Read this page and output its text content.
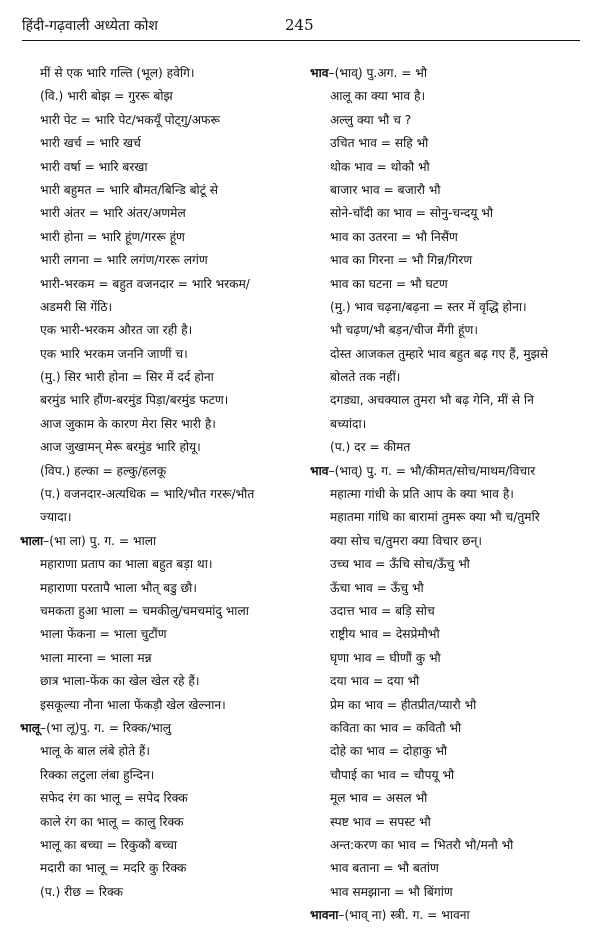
हिंदी-गढ़वाली अध्येता कोश	245
मीं से एक भारि गल्ति (भूल) हवेगि।
(वि.) भारी बोझ = गुररू बोझ
भारी पेट = भारि पेट/भकयूँ पोट्गु/अफरू
भारी खर्च = भारि खर्च
भारी वर्षा = भारि बरखा
भारी बहुमत = भारि बौमत/बिन्डि बोटूं से
भारी अंतर = भारि अंतर/अणमेल
भारी होना = भारि हूंण/गररू हूंण
भारी लगना = भारि लगंण/गररू लगंण
भारी-भरकम = बहुत वजनदार = भारि भरकम/
अडमरी सि गेंठि।
एक भारी-भरकम औरत जा रही है।
एक भारि भरकम जननि जाणीं च।
(मु.) सिर भारी होना = सिर में दर्द होना
बरमुंड भारि हौंण-बरमुंड पिड़ा/बरमुंड फटण।
आज जुकाम के कारण मेरा सिर भारी है।
आज जुखामन् मेरू बरमुंड भारि होयू।
(विप.) हल्का = हल्कु/हलकू
(प.) वजनदार-अत्यधिक = भारि/भौत गररू/भौत
ज्यादा।
भाला–(भा ला) पु. ग. = भाला
महाराणा प्रताप का भाला बहुत बड़ा था।
महाराणा परतापै भाला भौत् बडु छौ।
चमकता हुआ भाला = चमकीलु/चमचमांदु भाला
भाला फेंकना = भाला चुटौंण
भाला मारना = भाला मन्न
छात्र भाला-फेंक का खेल खेल रहे हैं।
इसकूल्या नौना भाला फेंकड़ौ खेल खेल्नान।
भालू–(भा लू)पु. ग. = रिक्क/भालु
भालू के बाल लंबे होते हैं।
रिक्का लटुला लंबा हुन्दिन।
सफेद रंग का भालू = सपेद रिक्क
काले रंग का भालू = कालु रिक्क
भालू का बच्चा = रिकुकौ बच्चा
मदारी का भालू = मदरि कु रिक्क
(प.) रीछ = रिक्क
भाव–(भाव्) पु.अग. = भौ
आलू का क्या भाव है।
अल्लु क्या भौ च ?
उचित भाव = सहि भौ
थोक भाव = थोकौ भौ
बाजार भाव = बजारौ भौ
सोने-चाँदी का भाव = सोनु-चन्दयू भौ
भाव का उतरना = भौ निसैंण
भाव का गिरना = भौ गिन्न/गिरण
भाव का घटना = भौ घटण
(मु.) भाव चढ़ना/बढ़ना = स्तर में वृद्धि होना।
भौ चढ़ण/भौ बड़न/चीज मैंगी हूंण।
दोस्त आजकल तुम्हारे भाव बहुत बढ़ गए हैं, मुझसे
बोलते तक नहीं।
दगड्या, अचक्याल तुमरा भौ बढ़ गेनि, मीं से नि
बच्यांदा।
(प.) दर = कीमत
भाव–(भाव्) पु. ग. = भौ/कीमत/सोच/माथम/विचार
महात्मा गांधी के प्रति आप के क्या भाव है।
महातमा गांधि का बारामां तुमरू क्या भौ च/तुमरि
क्या सोच च/तुमरा क्या विचार छन्।
उच्च भाव = ऊँचि सोच/ऊँचु भौ
ऊँचा भाव = ऊँचु भौ
उदात्त भाव = बड़ि सोच
राष्ट्रीय भाव = देसप्रेमौभौ
घृणा भाव = घीणौं कु भौ
दया भाव = दया भौ
प्रेम का भाव = हीतप्रीत/प्यारौ भौ
कविता का भाव = कवितौ भौ
दोहे का भाव = दोहाकु भौ
चौपाई का भाव = चौपयू भौ
मूल भाव = असल भौ
स्पष्ट भाव = सपस्ट भौ
अन्त:करण का भाव = भितरौ भौ/मनौ भौ
भाव बताना = भौ बतांण
भाव समझाना = भौ बिंगांण
भावना–(भाव् ना) स्त्री. ग. = भावना
